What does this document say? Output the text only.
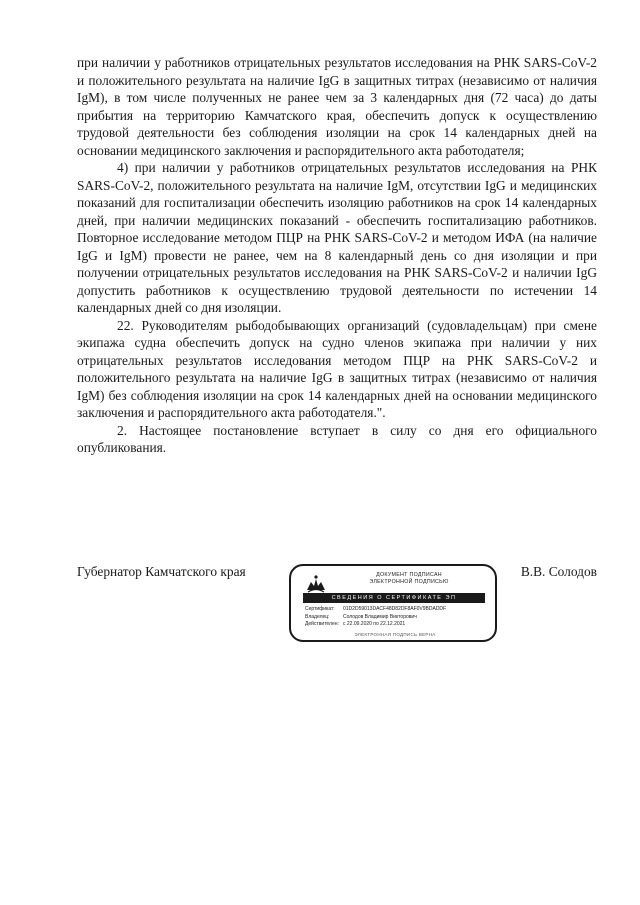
при наличии у работников отрицательных результатов исследования на РНК SARS-CoV-2 и положительного результата на наличие IgG в защитных титрах (независимо от наличия IgM), в том числе полученных не ранее чем за 3 календарных дня (72 часа) до даты прибытия на территорию Камчатского края, обеспечить допуск к осуществлению трудовой деятельности без соблюдения изоляции на срок 14 календарных дней на основании медицинского заключения и распорядительного акта работодателя;

4) при наличии у работников отрицательных результатов исследования на РНК SARS-CoV-2, положительного результата на наличие IgM, отсутствии IgG и медицинских показаний для госпитализации обеспечить изоляцию работников на срок 14 календарных дней, при наличии медицинских показаний - обеспечить госпитализацию работников. Повторное исследование методом ПЦР на РНК SARS-CoV-2 и методом ИФА (на наличие IgG и IgM) провести не ранее, чем на 8 календарный день со дня изоляции и при получении отрицательных результатов исследования на РНК SARS-CoV-2 и наличии IgG допустить работников к осуществлению трудовой деятельности по истечении 14 календарных дней со дня изоляции.

22. Руководителям рыбодобывающих организаций (судовладельцам) при смене экипажа судна обеспечить допуск на судно членов экипажа при наличии у них отрицательных результатов исследования методом ПЦР на РНК SARS-CoV-2 и положительного результата на наличие IgG в защитных титрах (независимо от наличия IgM) без соблюдения изоляции на срок 14 календарных дней на основании медицинского заключения и распорядительного акта работодателя.".

2. Настоящее постановление вступает в силу со дня его официального опубликования.

Губернатор Камчатского края	ДОКУМЕНТ ПОДПИСАН
ЭЛЕКТРОННОЙ ПОДПИСЬЮ
СВЕДЕНИЯ О СЕРТИФИКАТЕ ЭП
Сертификат: 01D2D59013DACF48D82DF8AF0V9BDADDF
Владелец:	Солодов Владимир Викторович
Действителен: с 22.09.2020 по 22.12.2021
ЭЛЕКТРОННАЯ ПОДПИСЬ ВЕРНА
В.В. Солодов
